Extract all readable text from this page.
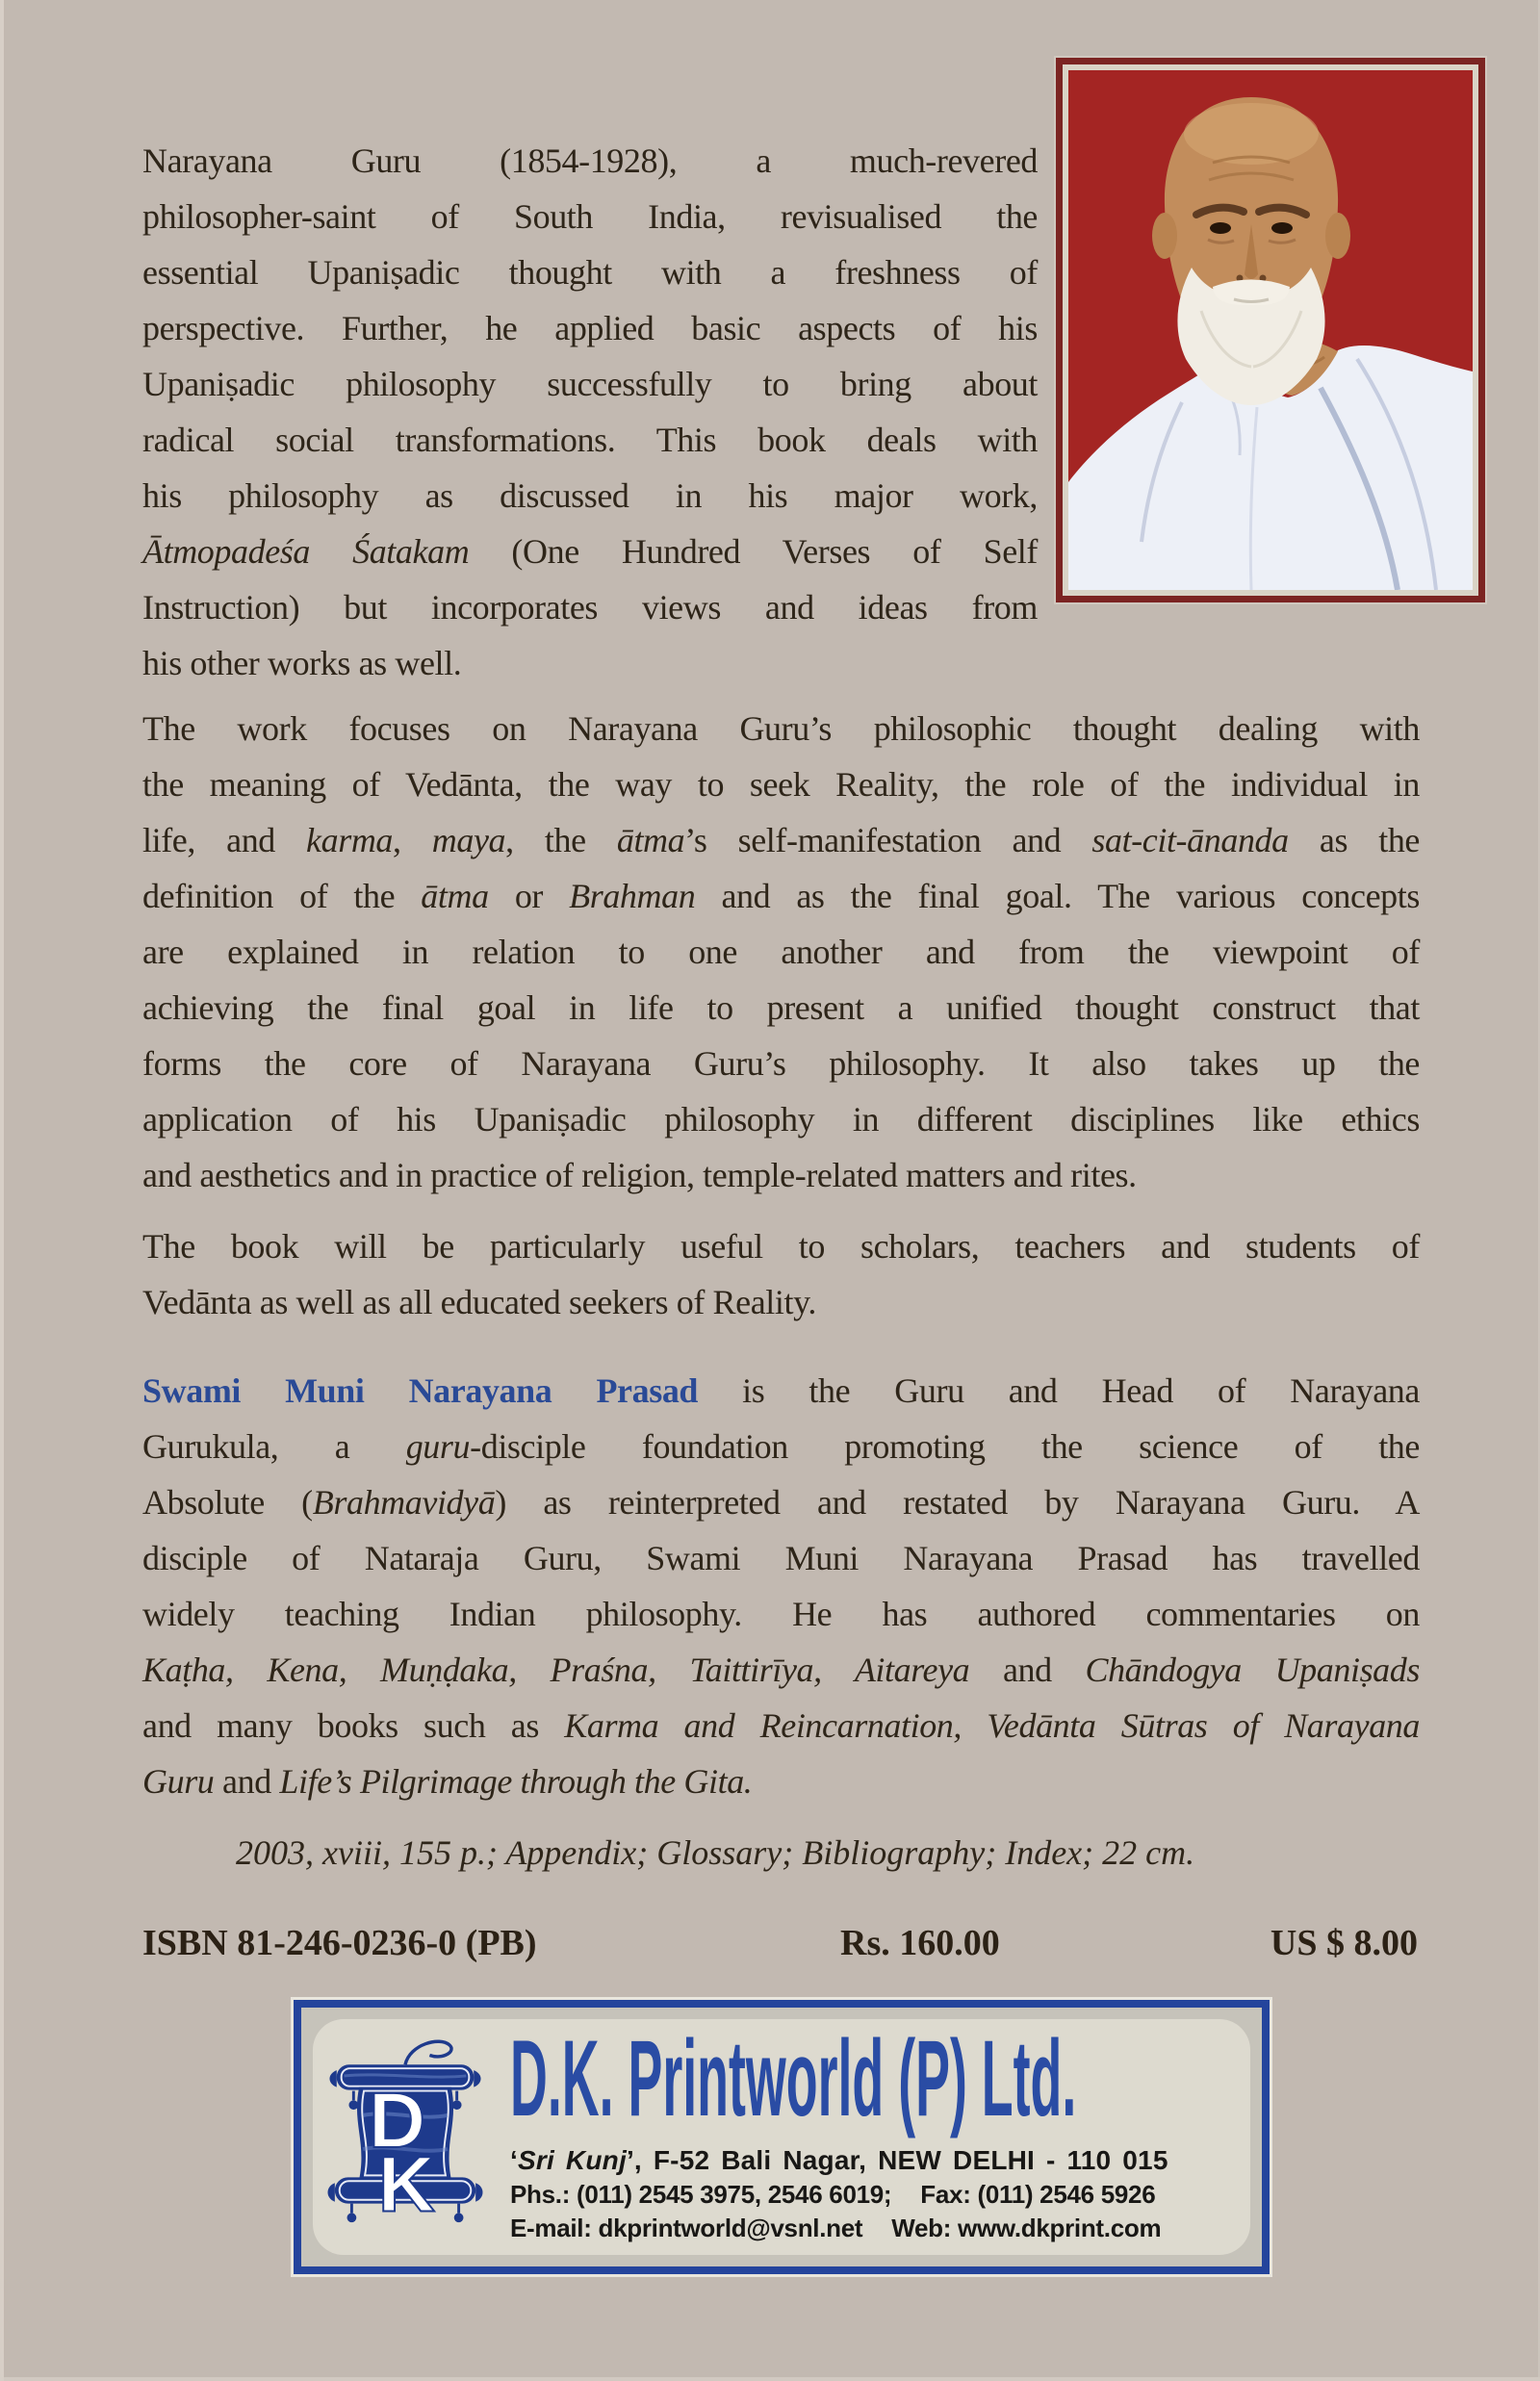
Narayana Guru (1854-1928), a much-revered
philosopher-saint of South India, revisualised the
essential Upaniṣadic thought with a freshness of
perspective. Further, he applied basic aspects of his
Upaniṣadic philosophy successfully to bring about
radical social transformations. This book deals with
his philosophy as discussed in his major work,
Ātmopadeśa Śatakam (One Hundred Verses of Self
Instruction) but incorporates views and ideas from
his other works as well.
The work focuses on Narayana Guru’s philosophic thought dealing with
the meaning of Vedānta, the way to seek Reality, the role of the individual in
life, and karma, maya, the ātma’s self-manifestation and sat-cit-ānanda as the
definition of the ātma or Brahman and as the final goal. The various concepts
are explained in relation to one another and from the viewpoint of
achieving the final goal in life to present a unified thought construct that
forms the core of Narayana Guru’s philosophy. It also takes up the
application of his Upaniṣadic philosophy in different disciplines like ethics
and aesthetics and in practice of religion, temple-related matters and rites.
The book will be particularly useful to scholars, teachers and students of
Vedānta as well as all educated seekers of Reality.
Swami Muni Narayana Prasad is the Guru and Head of Narayana
Gurukula, a guru-disciple foundation promoting the science of the
Absolute (Brahmavidyā) as reinterpreted and restated by Narayana Guru. A
disciple of Nataraja Guru, Swami Muni Narayana Prasad has travelled
widely teaching Indian philosophy. He has authored commentaries on
Kaṭha, Kena, Muṇḍaka, Praśna, Taittirīya, Aitareya and Chāndogya Upaniṣads
and many books such as Karma and Reincarnation, Vedānta Sūtras of Narayana
Guru and Life’s Pilgrimage through the Gita.
2003, xviii, 155 p.; Appendix; Glossary; Bibliography; Index; 22 cm.
ISBN 81-246-0236-0 (PB)	Rs. 160.00	US $ 8.00
D
K
D.K. Printworld (P) Ltd.
‘Sri Kunj’, F-52 Bali Nagar, NEW DELHI - 110 015
Phs.: (011) 2545 3975, 2546 6019; Fax: (011) 2546 5926
E-mail: dkprintworld@vsnl.net Web: www.dkprint.com
